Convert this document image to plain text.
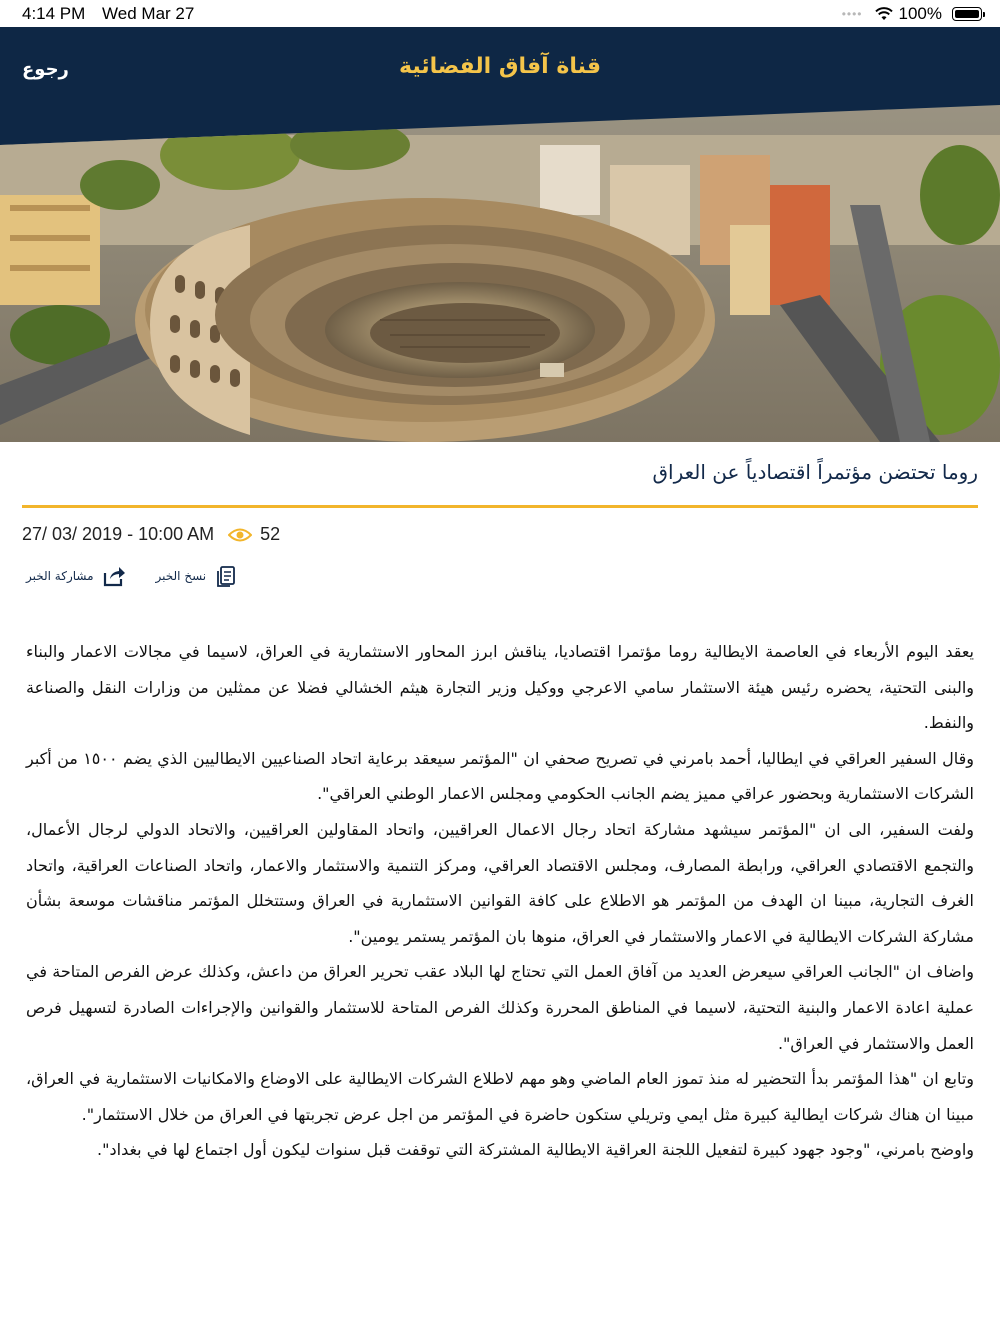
4:14 PM Wed Mar 27	•••• 100%
رجوع	قناة آفاق الفضائية
روما تحتضن مؤتمراً اقتصادياً عن العراق
27/ 03/ 2019 - 10:00 AM	52
نسخ الخبر
مشاركة الخبر

يعقد اليوم الأربعاء في العاصمة الايطالية روما مؤتمرا اقتصاديا، يناقش ابرز المحاور الاستثمارية في العراق، لاسيما في مجالات الاعمار والبناء والبنى التحتية، يحضره رئيس هيئة الاستثمار سامي الاعرجي ووكيل وزير التجارة هيثم الخشالي فضلا عن ممثلين من وزارات النقل والصناعة والنفط.

وقال السفير العراقي في ايطاليا، أحمد بامرني في تصريح صحفي ان "المؤتمر سيعقد برعاية اتحاد الصناعيين الايطاليين الذي يضم ١٥٠٠ من أكبر الشركات الاستثمارية وبحضور عراقي مميز يضم الجانب الحكومي ومجلس الاعمار الوطني العراقي".

ولفت السفير، الى ان "المؤتمر سيشهد مشاركة اتحاد رجال الاعمال العراقيين، واتحاد المقاولين العراقيين، والاتحاد الدولي لرجال الأعمال، والتجمع الاقتصادي العراقي، ورابطة المصارف، ومجلس الاقتصاد العراقي، ومركز التنمية والاستثمار والاعمار، واتحاد الصناعات العراقية، واتحاد الغرف التجارية، مبينا ان الهدف من المؤتمر هو الاطلاع على كافة القوانين الاستثمارية في العراق وستتخلل المؤتمر مناقشات موسعة بشأن مشاركة الشركات الايطالية في الاعمار والاستثمار في العراق، منوها بان المؤتمر يستمر يومين".

واضاف ان "الجانب العراقي سيعرض العديد من آفاق العمل التي تحتاج لها البلاد عقب تحرير العراق من داعش، وكذلك عرض الفرص المتاحة في عملية اعادة الاعمار والبنية التحتية، لاسيما في المناطق المحررة وكذلك الفرص المتاحة للاستثمار والقوانين والإجراءات الصادرة لتسهيل فرص العمل والاستثمار في العراق".

وتابع ان "هذا المؤتمر بدأ التحضير له منذ تموز العام الماضي وهو مهم لاطلاع الشركات الايطالية على الاوضاع والامكانيات الاستثمارية في العراق، مبينا ان هناك شركات ايطالية كبيرة مثل ايمي وتريلي ستكون حاضرة في المؤتمر من اجل عرض تجربتها في العراق من خلال الاستثمار".

واوضح بامرني، "وجود جهود كبيرة لتفعيل اللجنة العراقية الايطالية المشتركة التي توقفت قبل سنوات ليكون أول اجتماع لها في بغداد".
